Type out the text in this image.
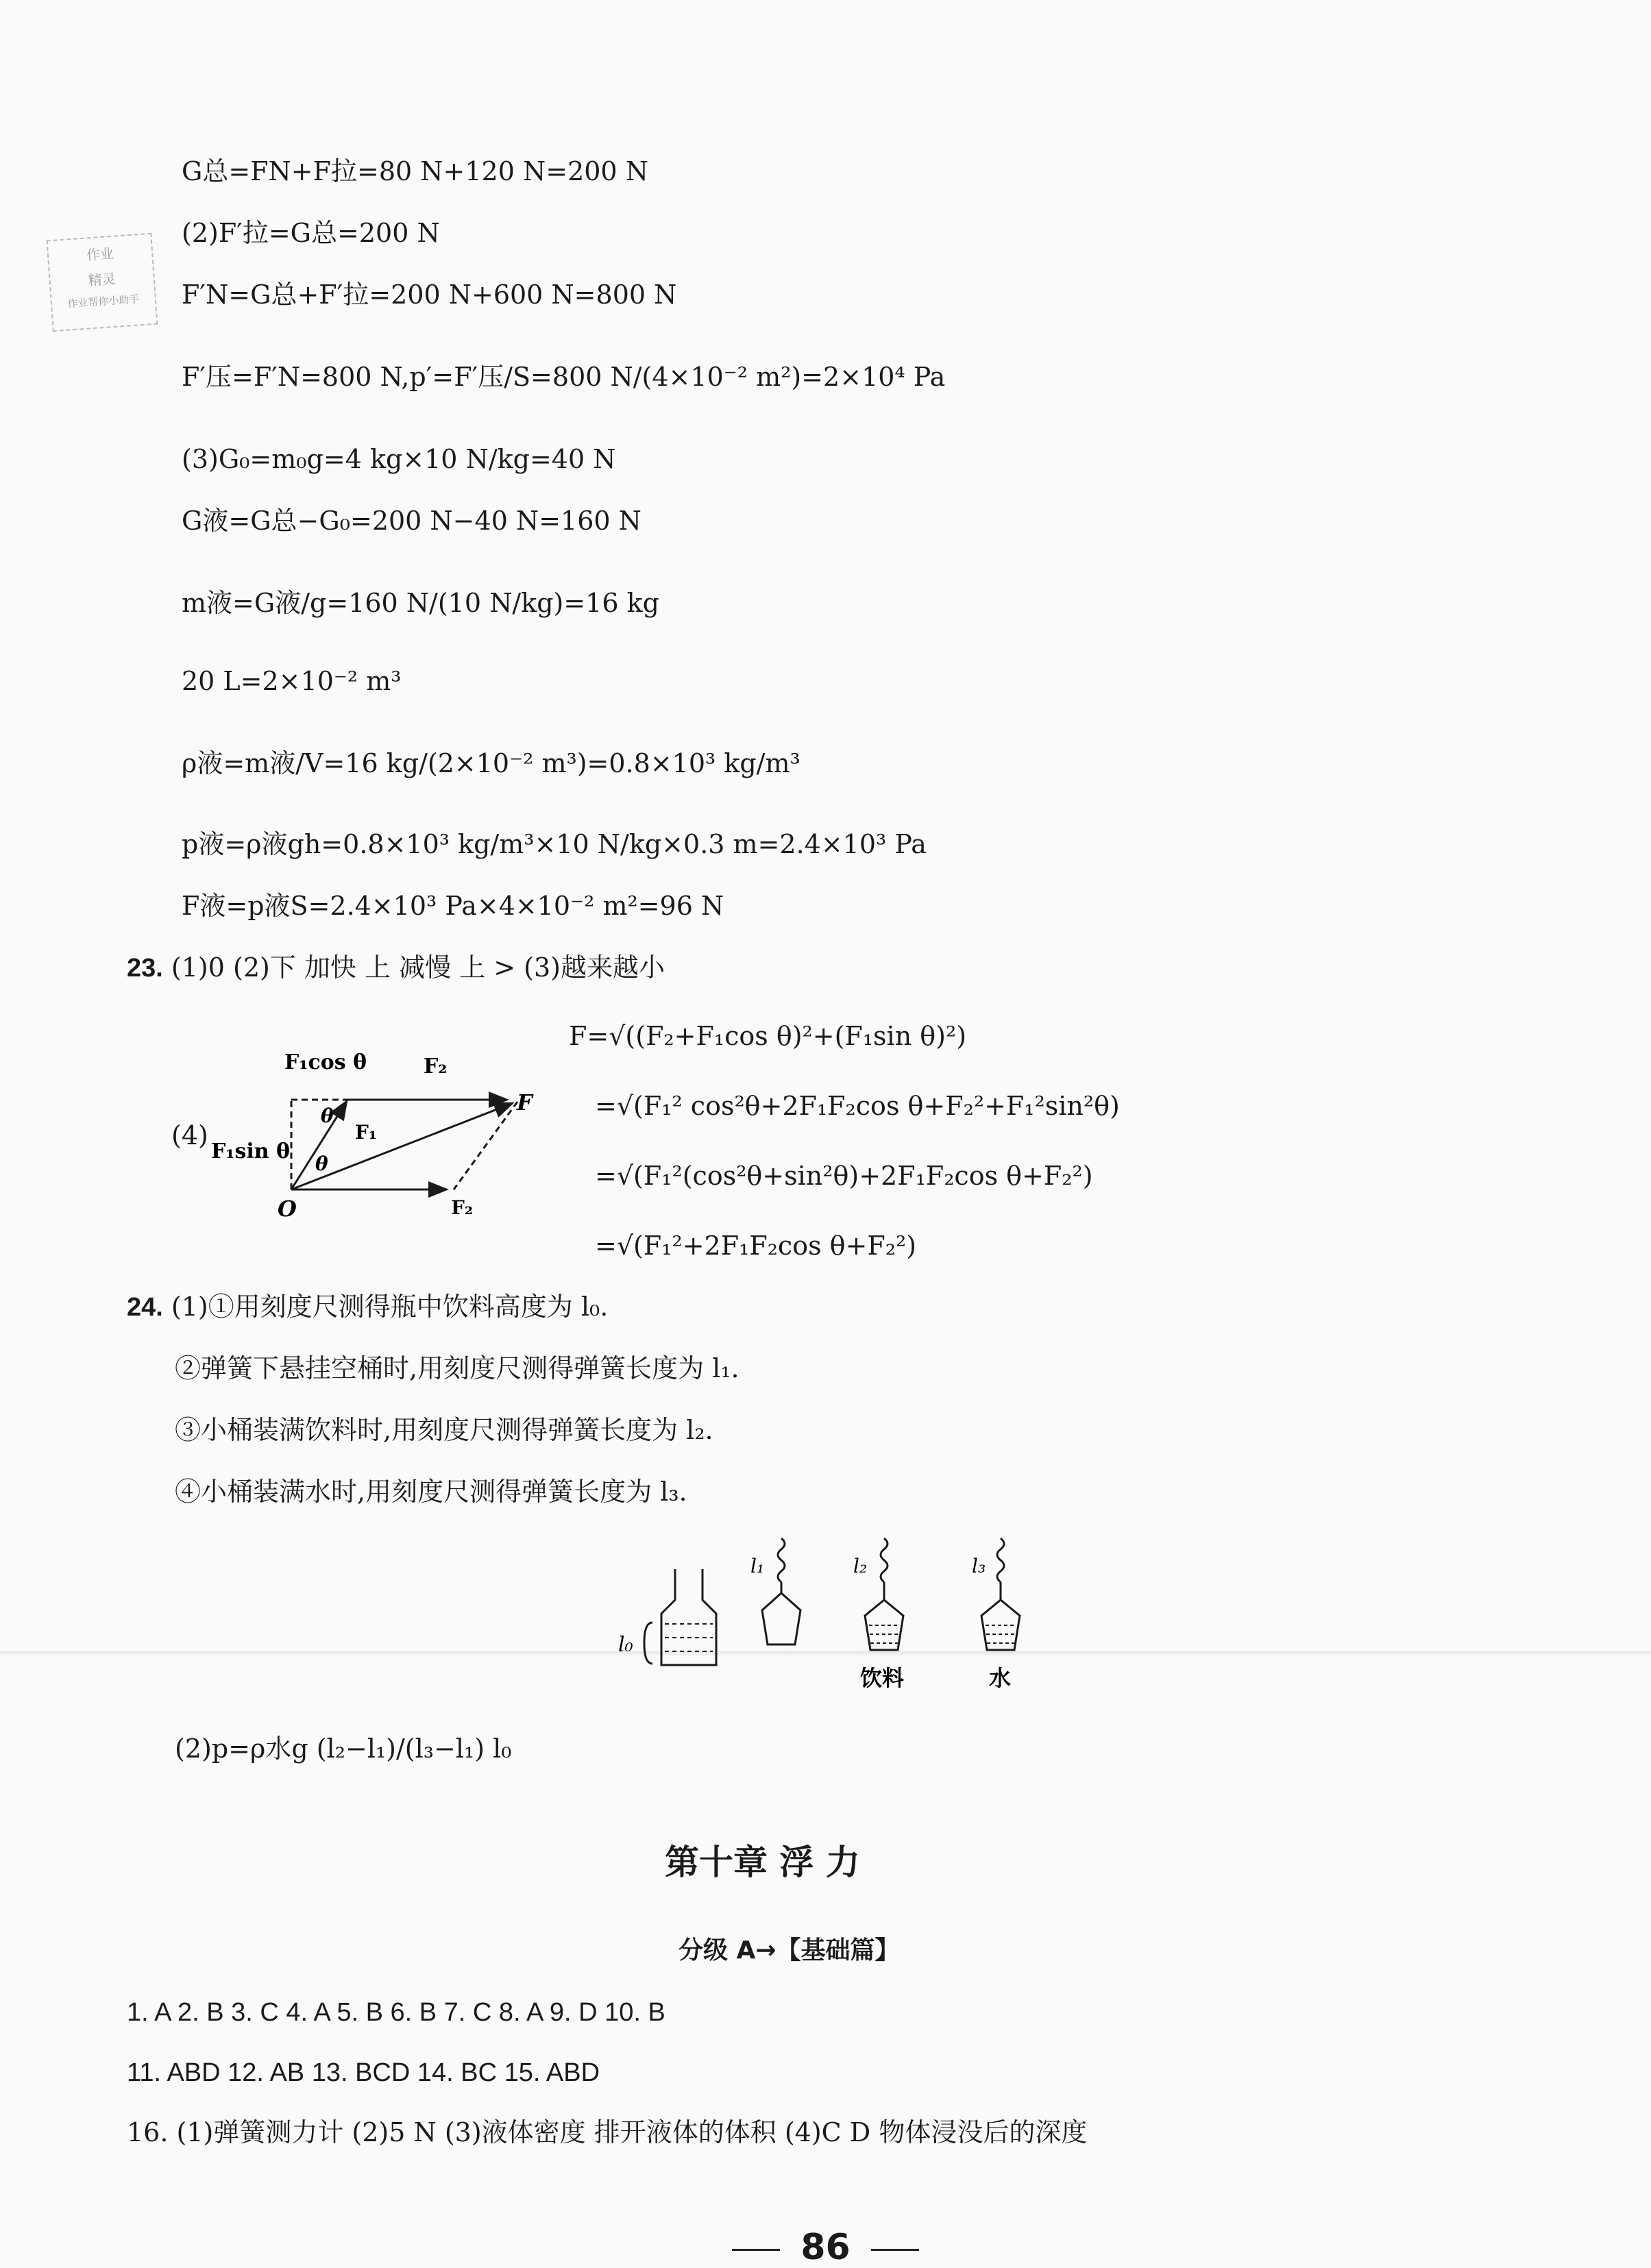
作业
精灵
作业帮你小助手
G总=FN+F拉=80 N+120 N=200 N
(2)F′拉=G总=200 N
F′N=G总+F′拉=200 N+600 N=800 N
F′压=F′N=800 N,p′=F′压/S=800 N/(4×10⁻² m²)=2×10⁴ Pa
(3)G₀=m₀g=4 kg×10 N/kg=40 N
G液=G总−G₀=200 N−40 N=160 N
m液=G液/g=160 N/(10 N/kg)=16 kg
20 L=2×10⁻² m³
ρ液=m液/V=16 kg/(2×10⁻² m³)=0.8×10³ kg/m³
p液=ρ液gh=0.8×10³ kg/m³×10 N/kg×0.3 m=2.4×10³ Pa
F液=p液S=2.4×10³ Pa×4×10⁻² m²=96 N
23. (1)0 (2)下 加快 上 减慢 上 > (3)越来越小
(4)
F₁cos θ	F₂
F
F₁
θ
θ
F₁sin θ
O	F₂
F=√((F₂+F₁cos θ)²+(F₁sin θ)²)
=√(F₁² cos²θ+2F₁F₂cos θ+F₂²+F₁²sin²θ)
=√(F₁²(cos²θ+sin²θ)+2F₁F₂cos θ+F₂²)
=√(F₁²+2F₁F₂cos θ+F₂²)
24. (1)①用刻度尺测得瓶中饮料高度为 l₀.
②弹簧下悬挂空桶时,用刻度尺测得弹簧长度为 l₁.
③小桶装满饮料时,用刻度尺测得弹簧长度为 l₂.
④小桶装满水时,用刻度尺测得弹簧长度为 l₃.
l₀
l₁	l₂
饮料
l₃
水
(2)p=ρ水g (l₂−l₁)/(l₃−l₁) l₀
第十章 浮 力
分级 A→【基础篇】
1. A 2. B 3. C 4. A 5. B 6. B 7. C 8. A 9. D 10. B
11. ABD 12. AB 13. BCD 14. BC 15. ABD
16. (1)弹簧测力计 (2)5 N (3)液体密度 排开液体的体积 (4)C D 物体浸没后的深度
86
